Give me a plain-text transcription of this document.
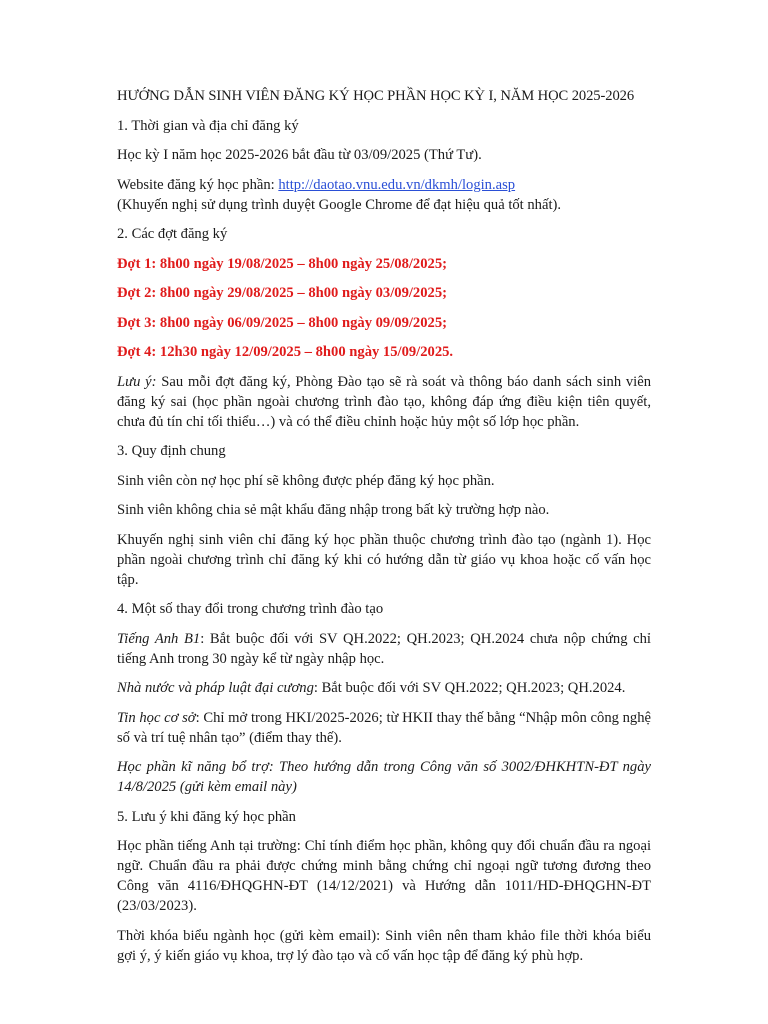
HƯỚNG DẪN SINH VIÊN ĐĂNG KÝ HỌC PHẦN HỌC KỲ I, NĂM HỌC 2025-2026

1. Thời gian và địa chỉ đăng ký

Học kỳ I năm học 2025-2026 bắt đầu từ 03/09/2025 (Thứ Tư).

Website đăng ký học phần: http://daotao.vnu.edu.vn/dkmh/login.asp
(Khuyến nghị sử dụng trình duyệt Google Chrome để đạt hiệu quả tốt nhất).

2. Các đợt đăng ký

Đợt 1: 8h00 ngày 19/08/2025 – 8h00 ngày 25/08/2025;

Đợt 2: 8h00 ngày 29/08/2025 – 8h00 ngày 03/09/2025;

Đợt 3: 8h00 ngày 06/09/2025 – 8h00 ngày 09/09/2025;

Đợt 4: 12h30 ngày 12/09/2025 – 8h00 ngày 15/09/2025.

Lưu ý: Sau mỗi đợt đăng ký, Phòng Đào tạo sẽ rà soát và thông báo danh sách sinh viên đăng ký sai (học phần ngoài chương trình đào tạo, không đáp ứng điều kiện tiên quyết, chưa đủ tín chỉ tối thiểu…) và có thể điều chỉnh hoặc hủy một số lớp học phần.

3. Quy định chung

Sinh viên còn nợ học phí sẽ không được phép đăng ký học phần.

Sinh viên không chia sẻ mật khẩu đăng nhập trong bất kỳ trường hợp nào.

Khuyến nghị sinh viên chỉ đăng ký học phần thuộc chương trình đào tạo (ngành 1). Học phần ngoài chương trình chỉ đăng ký khi có hướng dẫn từ giáo vụ khoa hoặc cố vấn học tập.

4. Một số thay đổi trong chương trình đào tạo

Tiếng Anh B1: Bắt buộc đối với SV QH.2022; QH.2023; QH.2024 chưa nộp chứng chỉ tiếng Anh trong 30 ngày kể từ ngày nhập học.

Nhà nước và pháp luật đại cương: Bắt buộc đối với SV QH.2022; QH.2023; QH.2024.

Tin học cơ sở: Chỉ mở trong HKI/2025-2026; từ HKII thay thế bằng “Nhập môn công nghệ số và trí tuệ nhân tạo” (điểm thay thế).

Học phần kĩ năng bổ trợ: Theo hướng dẫn trong Công văn số 3002/ĐHKHTN-ĐT ngày 14/8/2025 (gửi kèm email này)

5. Lưu ý khi đăng ký học phần

Học phần tiếng Anh tại trường: Chỉ tính điểm học phần, không quy đổi chuẩn đầu ra ngoại ngữ. Chuẩn đầu ra phải được chứng minh bằng chứng chỉ ngoại ngữ tương đương theo Công văn 4116/ĐHQGHN-ĐT (14/12/2021) và Hướng dẫn 1011/HD-ĐHQGHN-ĐT (23/03/2023).

Thời khóa biểu ngành học (gửi kèm email): Sinh viên nên tham khảo file thời khóa biểu gợi ý, ý kiến giáo vụ khoa, trợ lý đào tạo và cố vấn học tập để đăng ký phù hợp.
